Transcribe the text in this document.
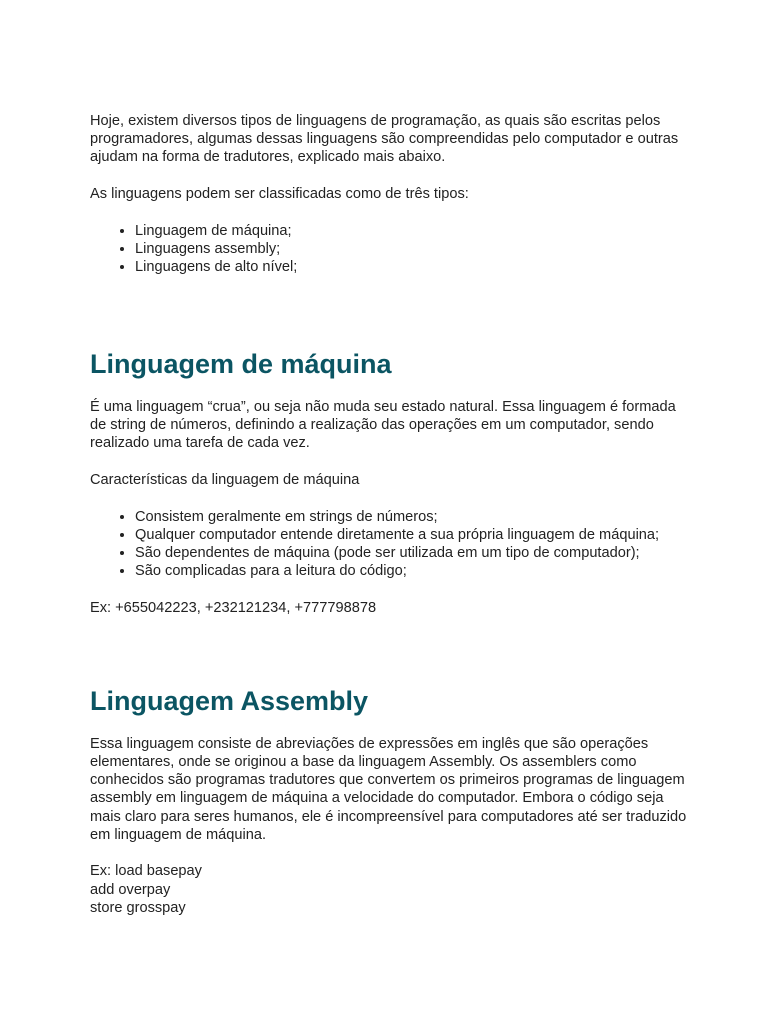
Hoje, existem diversos tipos de linguagens de programação, as quais são escritas pelos programadores, algumas dessas linguagens são compreendidas pelo computador e outras ajudam na forma de tradutores, explicado mais abaixo.

As linguagens podem ser classificadas como de três tipos:

• Linguagem de máquina;
• Linguagens assembly;
• Linguagens de alto nível;
Linguagem de máquina

É uma linguagem “crua”, ou seja não muda seu estado natural. Essa linguagem é formada de string de números, definindo a realização das operações em um computador, sendo realizado uma tarefa de cada vez.

Características da linguagem de máquina

• Consistem geralmente em strings de números;
• Qualquer computador entende diretamente a sua própria linguagem de máquina;
• São dependentes de máquina (pode ser utilizada em um tipo de computador);
• São complicadas para a leitura do código;

Ex: +655042223, +232121234, +777798878

Linguagem Assembly

Essa linguagem consiste de abreviações de expressões em inglês que são operações elementares, onde se originou a base da linguagem Assembly. Os assemblers como conhecidos são programas tradutores que convertem os primeiros programas de linguagem assembly em linguagem de máquina a velocidade do computador. Embora o código seja mais claro para seres humanos, ele é incompreensível para computadores até ser traduzido em linguagem de máquina.

Ex: load basepay
add overpay
store grosspay
